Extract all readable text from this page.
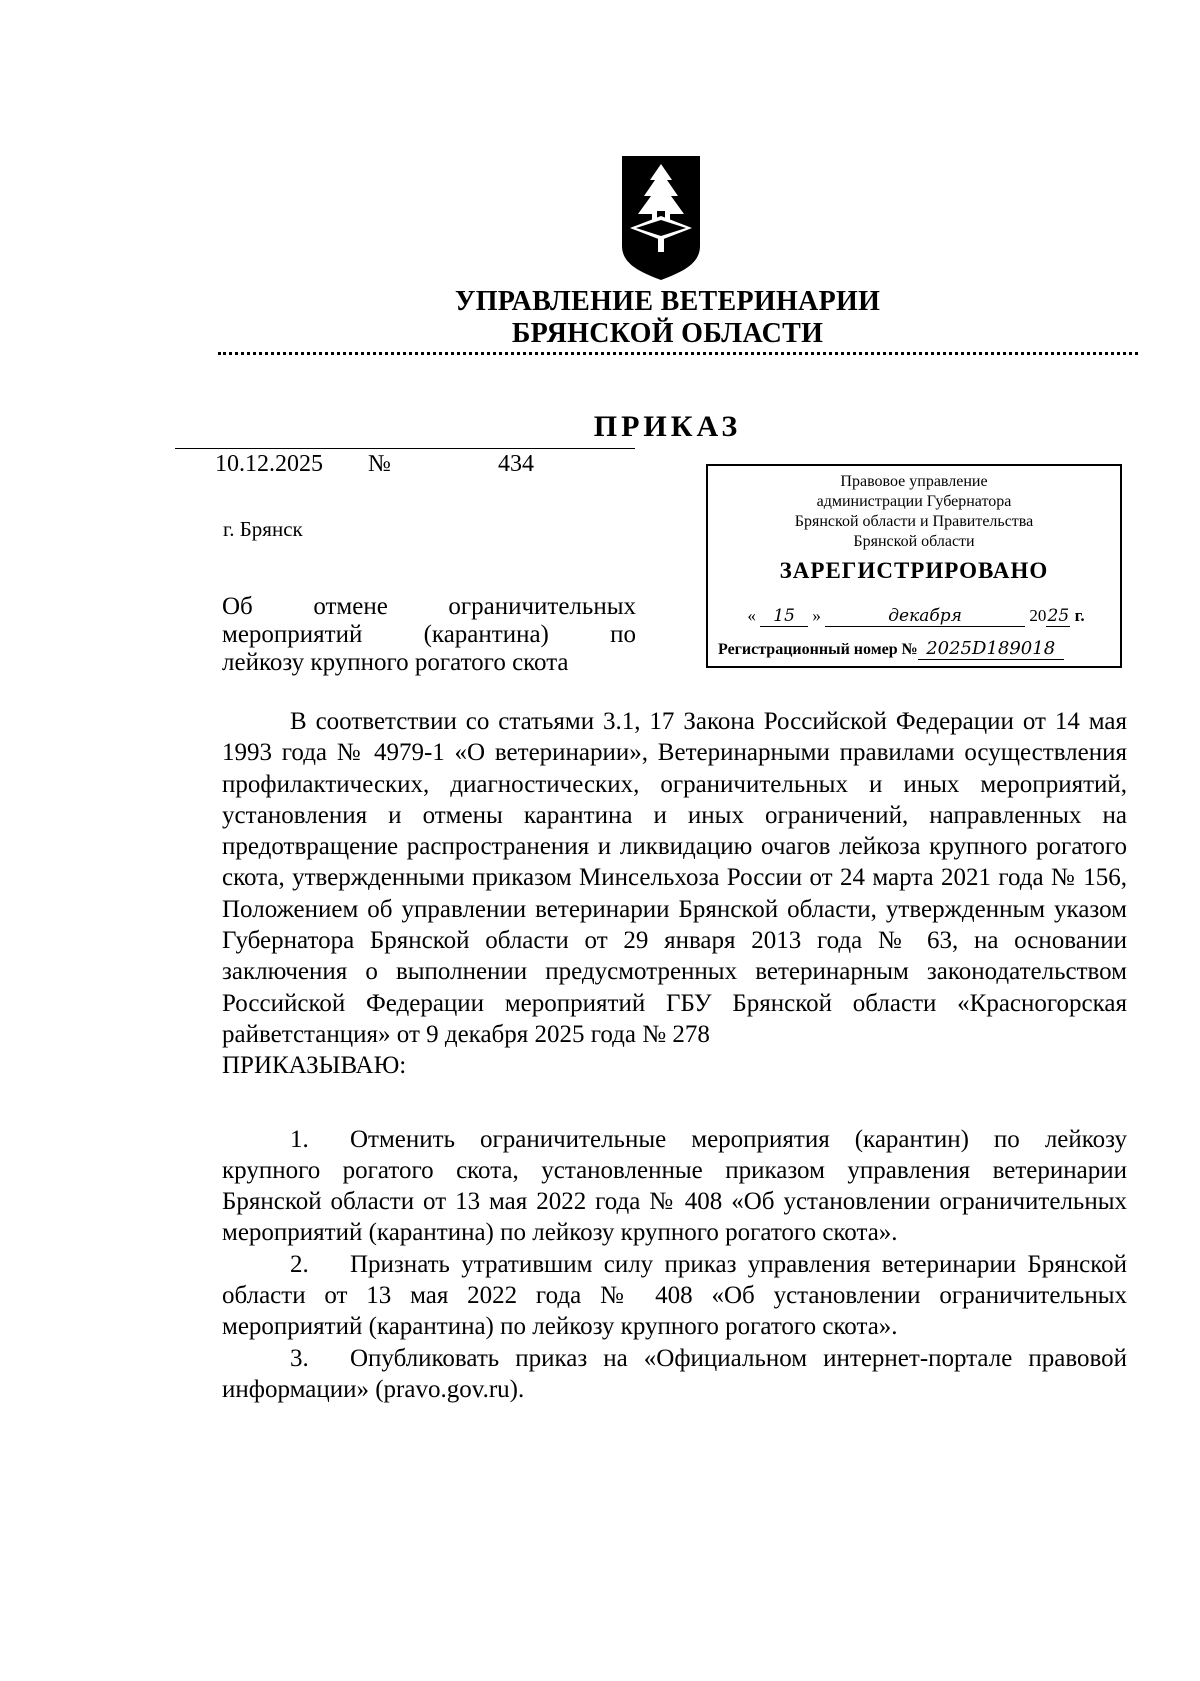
УПРАВЛЕНИЕ ВЕТЕРИНАРИИ
БРЯНСКОЙ ОБЛАСТИ
ПРИКАЗ
10.12.2025 №	434
г. Брянск
Об отмене ограничительных
мероприятий (карантина) по
лейкозу крупного рогатого скота
Правовое управление
администрации Губернатора
Брянской области и Правительства
Брянской области
ЗАРЕГИСТРИРОВАНО
« 15 »	декабря	2025 г.
Регистрационный номер № 2025D189018

В соответствии со статьями 3.1, 17 Закона Российской Федерации от 14 мая 1993 года № 4979-1 «О ветеринарии», Ветеринарными правилами осуществления профилактических, диагностических, ограничительных и иных мероприятий, установления и отмены карантина и иных ограничений, направленных на предотвращение распространения и ликвидацию очагов лейкоза крупного рогатого скота, утвержденными приказом Минсельхоза России от 24 марта 2021 года № 156, Положением об управлении ветеринарии Брянской области, утвержденным указом Губернатора Брянской области от 29 января 2013 года № 63, на основании заключения о выполнении предусмотренных ветеринарным законодательством Российской Федерации мероприятий ГБУ Брянской области «Красногорская райветстанция» от 9 декабря 2025 года № 278

ПРИКАЗЫВАЮ:

1. Отменить ограничительные мероприятия (карантин) по лейкозу крупного рогатого скота, установленные приказом управления ветеринарии Брянской области от 13 мая 2022 года № 408 «Об установлении ограничительных мероприятий (карантина) по лейкозу крупного рогатого скота».

2. Признать утратившим силу приказ управления ветеринарии Брянской области от 13 мая 2022 года № 408 «Об установлении ограничительных мероприятий (карантина) по лейкозу крупного рогатого скота».

3. Опубликовать приказ на «Официальном интернет-портале правовой информации» (pravo.gov.ru).
